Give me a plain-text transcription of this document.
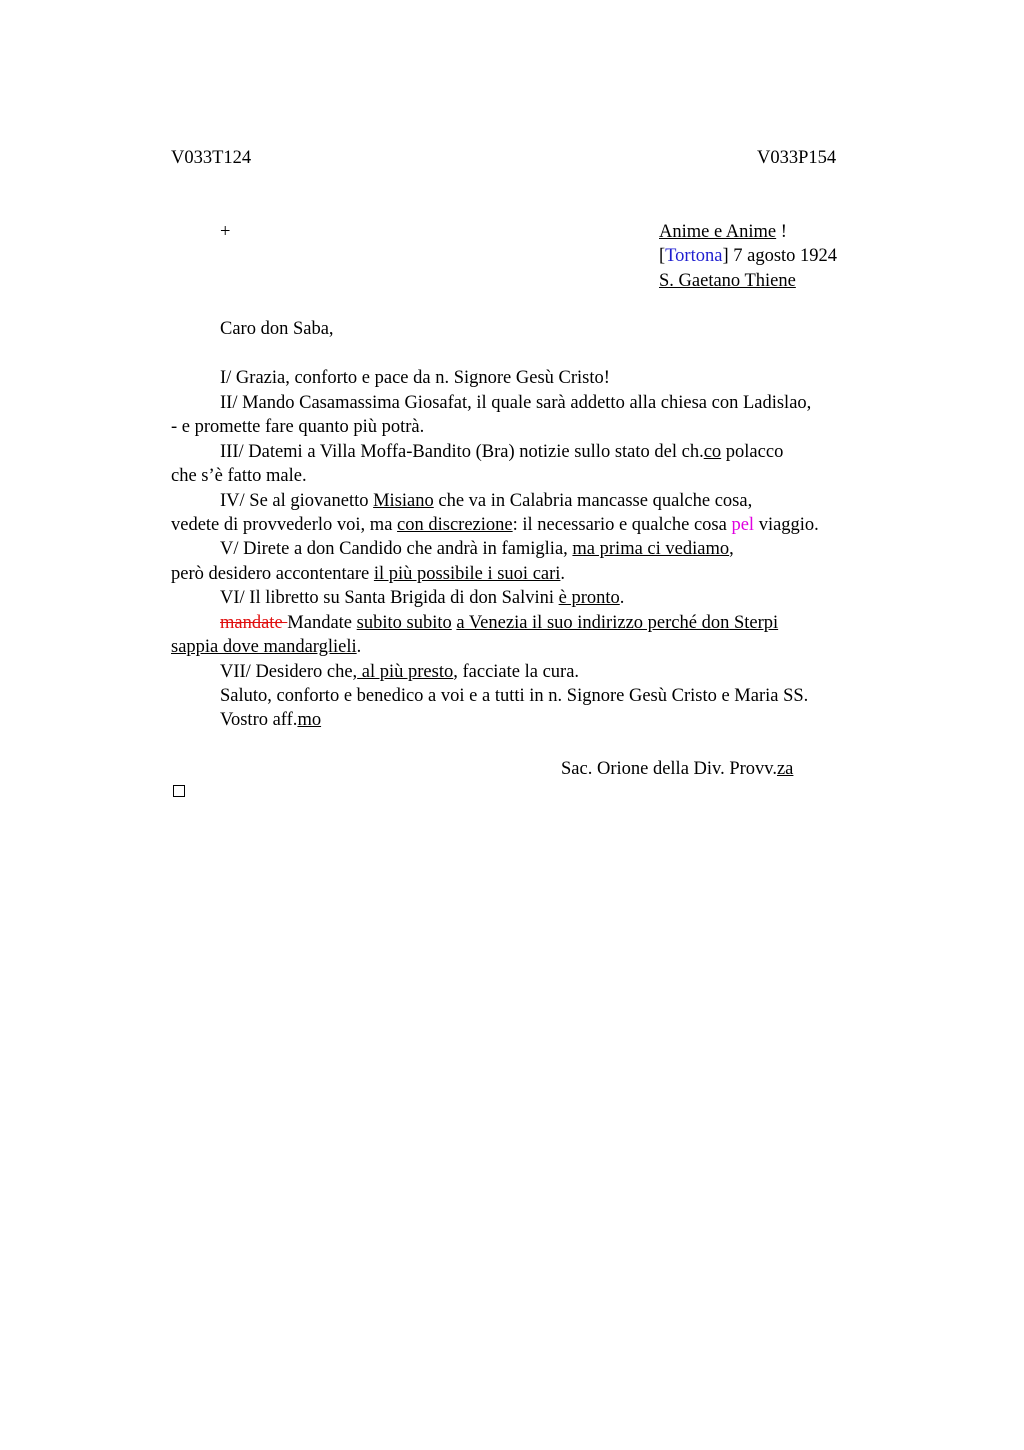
V033T124	V033P154
+	Anime e Anime !
[Tortona] 7 agosto 1924
S. Gaetano Thiene
Caro don Saba,
I/ Grazia, conforto e pace da n. Signore Gesù Cristo!
II/ Mando Casamassima Giosafat, il quale sarà addetto alla chiesa con Ladislao,
- e promette fare quanto più potrà.
III/ Datemi a Villa Moffa-Bandito (Bra) notizie sullo stato del ch.co polacco
che s’è fatto male.
IV/ Se al giovanetto Misiano che va in Calabria mancasse qualche cosa,
vedete di provvederlo voi, ma con discrezione: il necessario e qualche cosa pel viaggio.
V/ Direte a don Candido che andrà in famiglia, ma prima ci vediamo,
però desidero accontentare il più possibile i suoi cari.
VI/ Il libretto su Santa Brigida di don Salvini è pronto.
mandate Mandate subito subito a Venezia il suo indirizzo perché don Sterpi
sappia dove mandarglieli.
VII/ Desidero che, al più presto, facciate la cura.
Saluto, conforto e benedico a voi e a tutti in n. Signore Gesù Cristo e Maria SS.
Vostro aff.mo
Sac. Orione della Div. Provv.za
